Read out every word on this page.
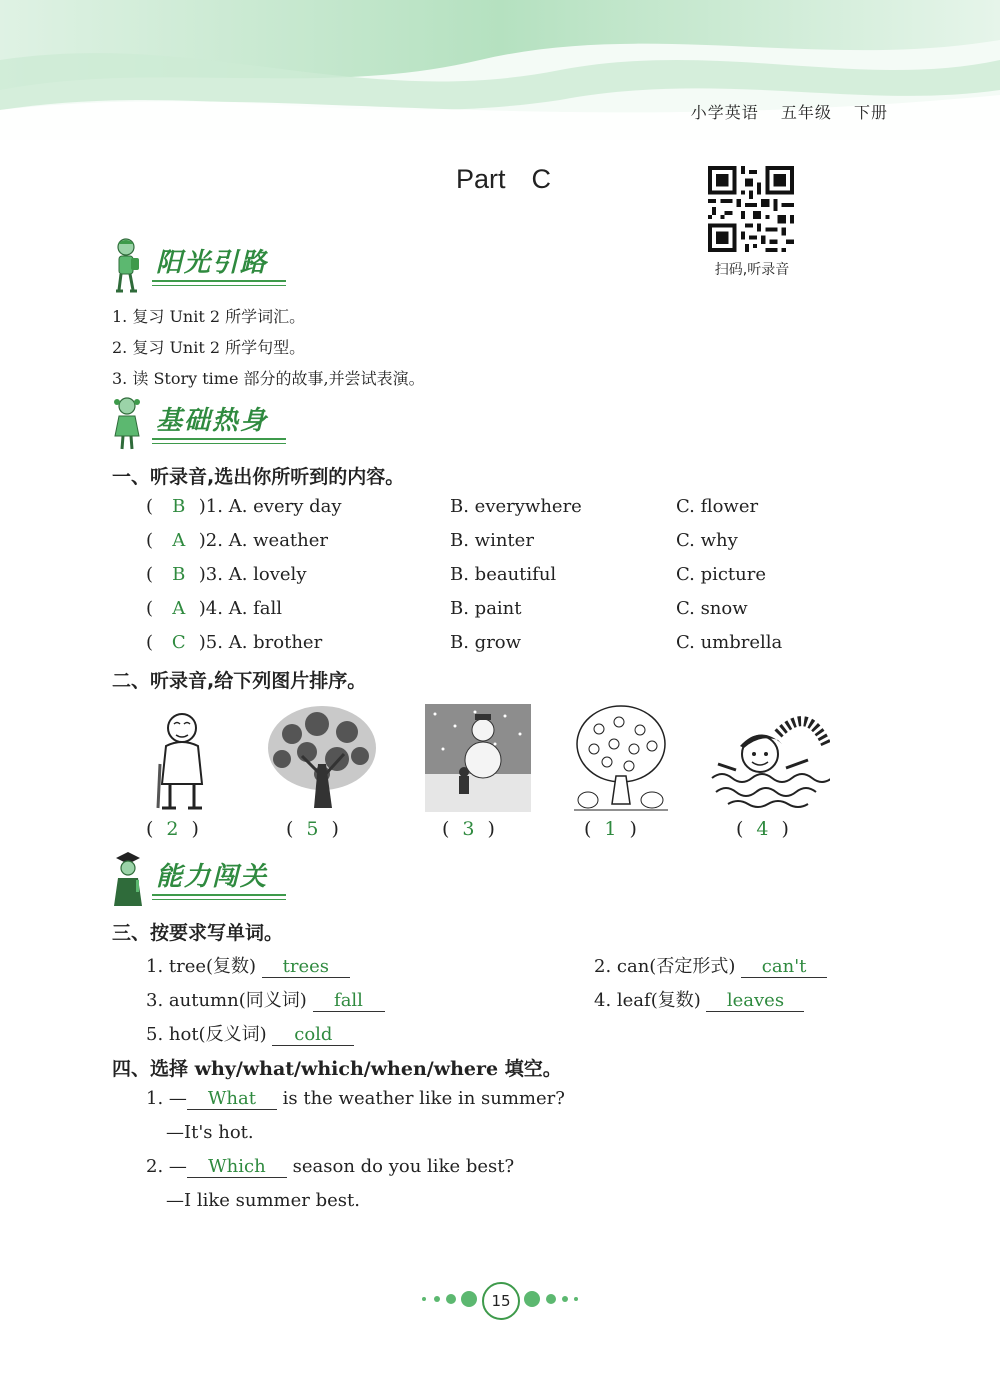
小学英语 五年级 下册
Part C
扫码,听录音
阳光引路
1. 复习 Unit 2 所学词汇。
2. 复习 Unit 2 所学句型。
3. 读 Story time 部分的故事,并尝试表演。
基础热身
一、听录音,选出你所听到的内容。
( B )1. A. every day	B. everywhere	C. flower
( A )2. A. weather	B. winter	C. why
( B )3. A. lovely	B. beautiful	C. picture
( A )4. A. fall	B. paint	C. snow
( C )5. A. brother	B. grow	C. umbrella
二、听录音,给下列图片排序。
( 2 )	( 5 )	( 3 )	( 1 )	( 4 )
能力闯关
三、按要求写单词。
1. tree(复数) trees	2. can(否定形式) can't
3. autumn(同义词) fall	4. leaf(复数) leaves
5. hot(反义词) cold
四、选择 why/what/which/when/where 填空。
1. — What is the weather like in summer?
—It's hot.
2. — Which season do you like best?
—I like summer best.
15
